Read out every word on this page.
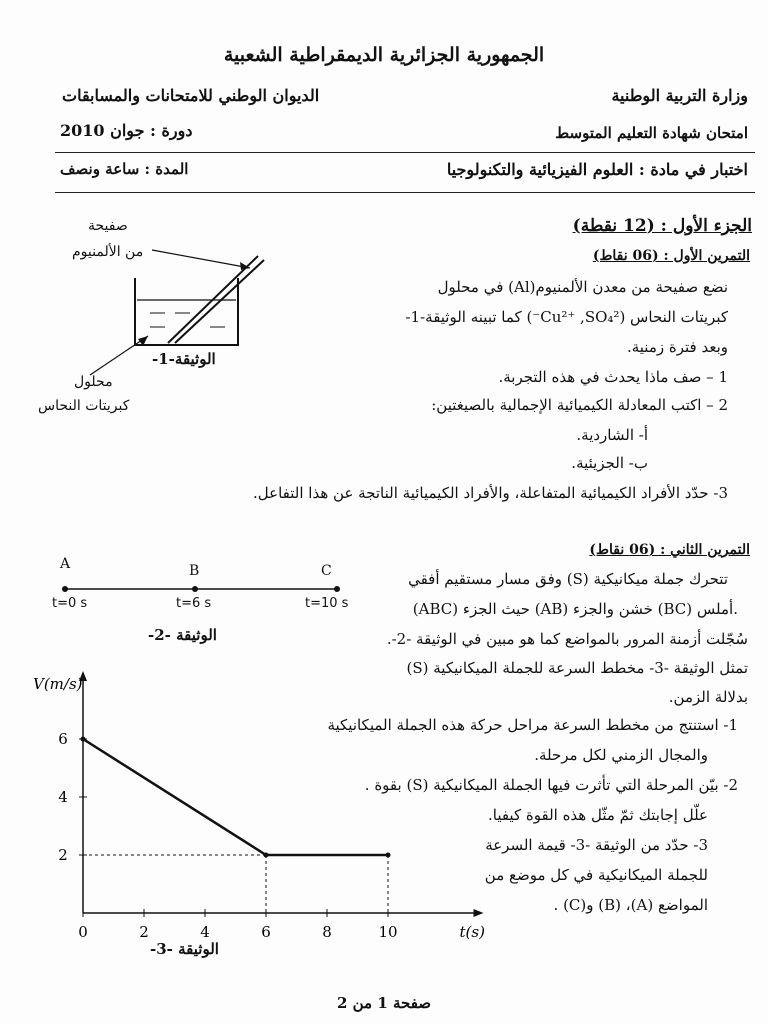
الجمهورية الجزائرية الديمقراطية الشعبية
وزارة التربية الوطنية
الديوان الوطني للامتحانات والمسابقات
امتحان شهادة التعليم المتوسط
دورة : جوان 2010
اختبار في مادة : العلوم الفيزيائية والتكنولوجيا
المدة : ساعة ونصف
الجزء الأول : (12 نقطة)
التمرين الأول : (06 نقاط)
نضع صفيحة من معدن الألمنيوم(Al) في محلول
كبريتات النحاس (Cu²⁺ ,SO₄²⁻) كما تبينه الوثيقة-1-
وبعد فترة زمنية.
1 – صف ماذا يحدث في هذه التجربة.
2 – اكتب المعادلة الكيميائية الإجمالية بالصيغتين:
أ- الشاردية.
ب- الجزيئية.
3- حدّد الأفراد الكيميائية المتفاعلة، والأفراد الكيميائية الناتجة عن هذا التفاعل.
صفيحة
من الألمنيوم
الوثيقة-1-
محلول
كبريتات النحاس
التمرين الثاني : (06 نقاط)
تتحرك جملة ميكانيكية (S) وفق مسار مستقيم أفقي
(ABC) حيث الجزء (AB) خشن والجزء (BC) أملس.
سُجّلت أزمنة المرور بالمواضع كما هو مبين في الوثيقة -2-.
تمثل الوثيقة -3- مخطط السرعة للجملة الميكانيكية (S)
بدلالة الزمن.
1- استنتج من مخطط السرعة مراحل حركة هذه الجملة الميكانيكية
والمجال الزمني لكل مرحلة.
2- بيّن المرحلة التي تأثرت فيها الجملة الميكانيكية (S) بقوة .
علّل إجابتك ثمّ مثّل هذه القوة كيفيا.
3- حدّد من الوثيقة -3- قيمة السرعة
للجملة الميكانيكية في كل موضع من
المواضع (A)، (B) و(C) .
A	B	C
t=0 s	t=6 s	t=10 s
الوثيقة -2-
0	2	4	6	8	10
2
4
6
t(s)
V(m/s)
الوثيقة -3-
صفحة 1 من 2
